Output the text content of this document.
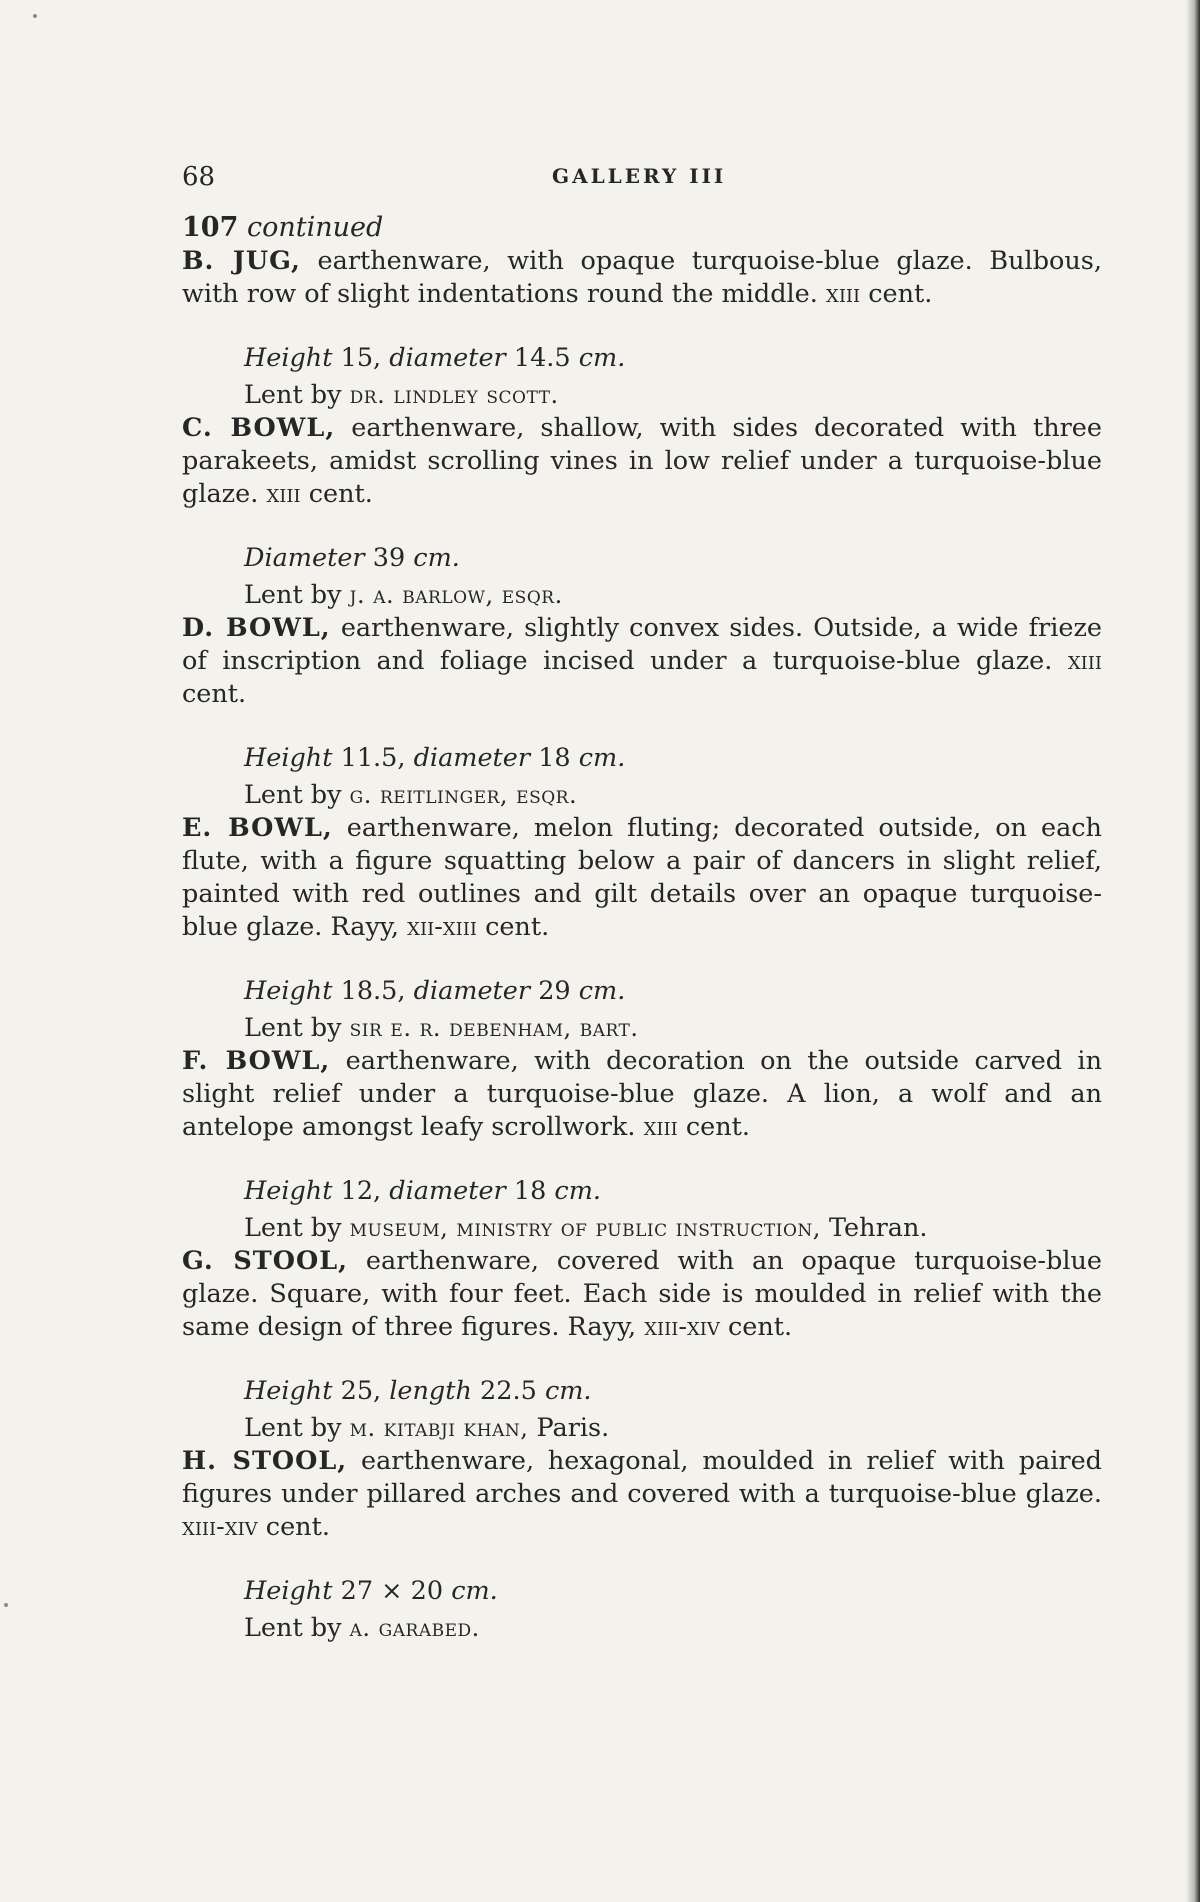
68	GALLERY III
107 continued
B. JUG, earthenware, with opaque turquoise-blue glaze. Bulbous, with row of slight indentations round the middle. xiii cent.
Height 15, diameter 14.5 cm.
Lent by dr. lindley scott.
C. BOWL, earthenware, shallow, with sides decorated with three parakeets, amidst scrolling vines in low relief under a turquoise-blue glaze. xiii cent.
Diameter 39 cm.
Lent by j. a. barlow, esqr.
D. BOWL, earthenware, slightly convex sides. Outside, a wide frieze of inscription and foliage incised under a turquoise-blue glaze. xiii cent.
Height 11.5, diameter 18 cm.
Lent by g. reitlinger, esqr.
E. BOWL, earthenware, melon fluting; decorated outside, on each flute, with a figure squatting below a pair of dancers in slight relief, painted with red outlines and gilt details over an opaque turquoise-blue glaze. Rayy, xii-xiii cent.
Height 18.5, diameter 29 cm.
Lent by sir e. r. debenham, bart.
F. BOWL, earthenware, with decoration on the outside carved in slight relief under a turquoise-blue glaze. A lion, a wolf and an antelope amongst leafy scrollwork. xiii cent.
Height 12, diameter 18 cm.
Lent by museum, ministry of public instruction, Tehran.
G. STOOL, earthenware, covered with an opaque turquoise-blue glaze. Square, with four feet. Each side is moulded in relief with the same design of three figures. Rayy, xiii-xiv cent.
Height 25, length 22.5 cm.
Lent by m. kitabji khan, Paris.
H. STOOL, earthenware, hexagonal, moulded in relief with paired figures under pillared arches and covered with a turquoise-blue glaze. xiii-xiv cent.
Height 27 × 20 cm.
Lent by a. garabed.
